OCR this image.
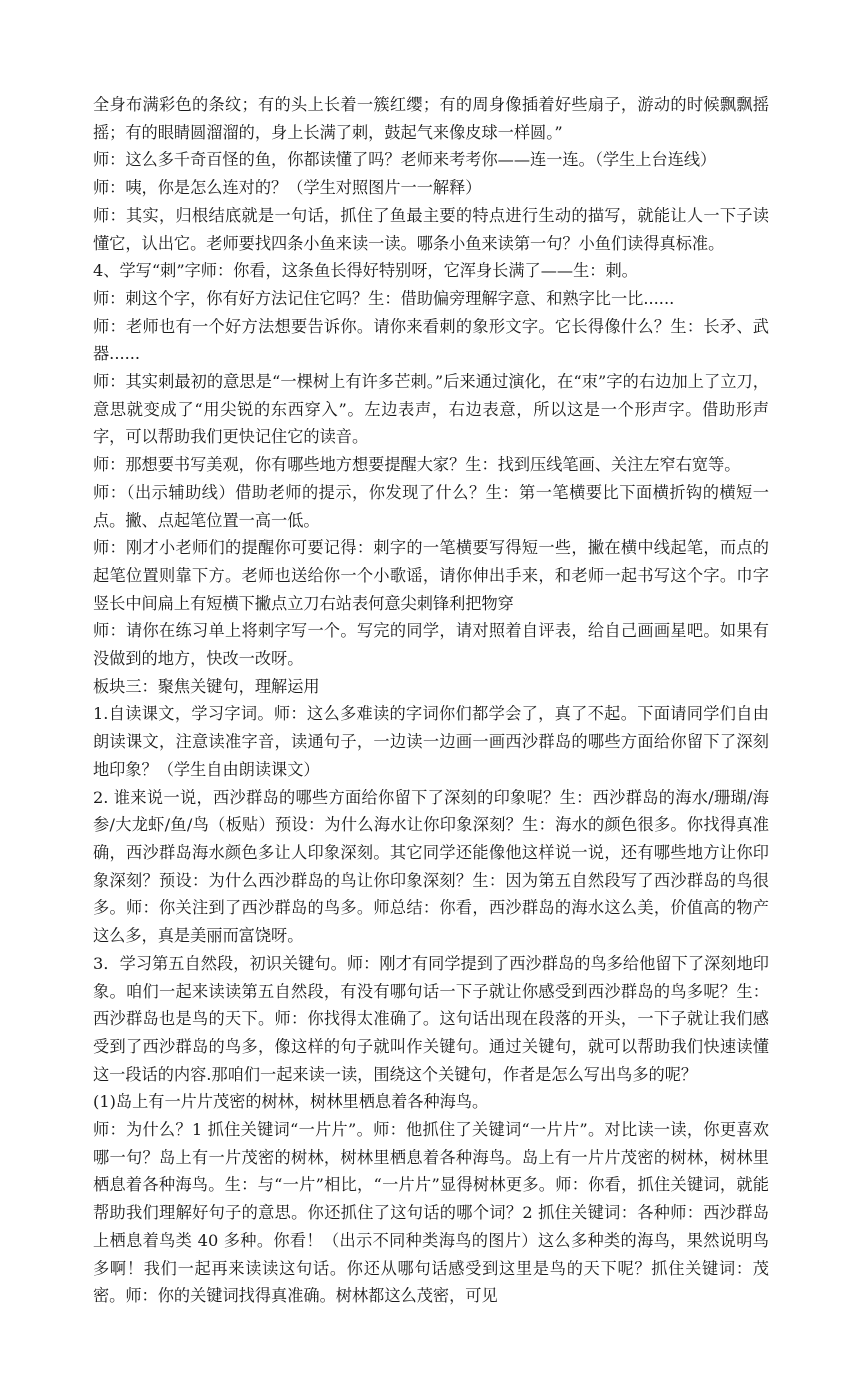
全身布满彩色的条纹；有的头上长着一簇红缨；有的周身像插着好些扇子，游动的时候飘飘摇摇；有的眼睛圆溜溜的，身上长满了刺，鼓起气来像皮球一样圆。”

师：这么多千奇百怪的鱼，你都读懂了吗？老师来考考你——连一连。（学生上台连线）

师：咦，你是怎么连对的？（学生对照图片一一解释）

师：其实，归根结底就是一句话，抓住了鱼最主要的特点进行生动的描写，就能让人一下子读懂它，认出它。老师要找四条小鱼来读一读。哪条小鱼来读第一句？小鱼们读得真标准。

4、学写“刺”字师：你看，这条鱼长得好特别呀，它浑身长满了——生：刺。

师：刺这个字，你有好方法记住它吗？生：借助偏旁理解字意、和熟字比一比......

师：老师也有一个好方法想要告诉你。请你来看刺的象形文字。它长得像什么？生：长矛、武器......

师：其实刺最初的意思是“一棵树上有许多芒刺。”后来通过演化，在“朿”字的右边加上了立刀，意思就变成了“用尖锐的东西穿入”。左边表声，右边表意，所以这是一个形声字。借助形声字，可以帮助我们更快记住它的读音。

师：那想要书写美观，你有哪些地方想要提醒大家？生：找到压线笔画、关注左窄右宽等。

师：（出示辅助线）借助老师的提示，你发现了什么？生：第一笔横要比下面横折钩的横短一点。撇、点起笔位置一高一低。

师：刚才小老师们的提醒你可要记得：刺字的一笔横要写得短一些，撇在横中线起笔，而点的起笔位置则靠下方。老师也送给你一个小歌谣，请你伸出手来，和老师一起书写这个字。巾字竖长中间扁上有短横下撇点立刀右站表何意尖刺锋利把物穿

师：请你在练习单上将刺字写一个。写完的同学，请对照着自评表，给自己画画星吧。如果有没做到的地方，快改一改呀。

板块三：聚焦关键句，理解运用

1.自读课文，学习字词。师：这么多难读的字词你们都学会了，真了不起。下面请同学们自由朗读课文，注意读准字音，读通句子，一边读一边画一画西沙群岛的哪些方面给你留下了深刻地印象？（学生自由朗读课文）

2. 谁来说一说，西沙群岛的哪些方面给你留下了深刻的印象呢？生：西沙群岛的海水/珊瑚/海参/大龙虾/鱼/鸟（板贴）预设：为什么海水让你印象深刻？生：海水的颜色很多。你找得真准确，西沙群岛海水颜色多让人印象深刻。其它同学还能像他这样说一说，还有哪些地方让你印象深刻？预设：为什么西沙群岛的鸟让你印象深刻？生：因为第五自然段写了西沙群岛的鸟很多。师：你关注到了西沙群岛的鸟多。师总结：你看，西沙群岛的海水这么美，价值高的物产这么多，真是美丽而富饶呀。

3．学习第五自然段，初识关键句。师：刚才有同学提到了西沙群岛的鸟多给他留下了深刻地印象。咱们一起来读读第五自然段，有没有哪句话一下子就让你感受到西沙群岛的鸟多呢？生：西沙群岛也是鸟的天下。师：你找得太准确了。这句话出现在段落的开头，一下子就让我们感受到了西沙群岛的鸟多，像这样的句子就叫作关键句。通过关键句，就可以帮助我们快速读懂这一段话的内容.那咱们一起来读一读，围绕这个关键句，作者是怎么写出鸟多的呢？

(1)岛上有一片片茂密的树林，树林里栖息着各种海鸟。

师：为什么？1 抓住关键词“一片片”。师：他抓住了关键词“一片片”。对比读一读，你更喜欢哪一句？岛上有一片茂密的树林，树林里栖息着各种海鸟。岛上有一片片茂密的树林，树林里栖息着各种海鸟。生：与“一片”相比，“一片片”显得树林更多。师：你看，抓住关键词，就能帮助我们理解好句子的意思。你还抓住了这句话的哪个词？2 抓住关键词：各种师：西沙群岛上栖息着鸟类 40 多种。你看！（出示不同种类海鸟的图片）这么多种类的海鸟，果然说明鸟多啊！我们一起再来读读这句话。你还从哪句话感受到这里是鸟的天下呢？抓住关键词：茂密。师：你的关键词找得真准确。树林都这么茂密，可见
